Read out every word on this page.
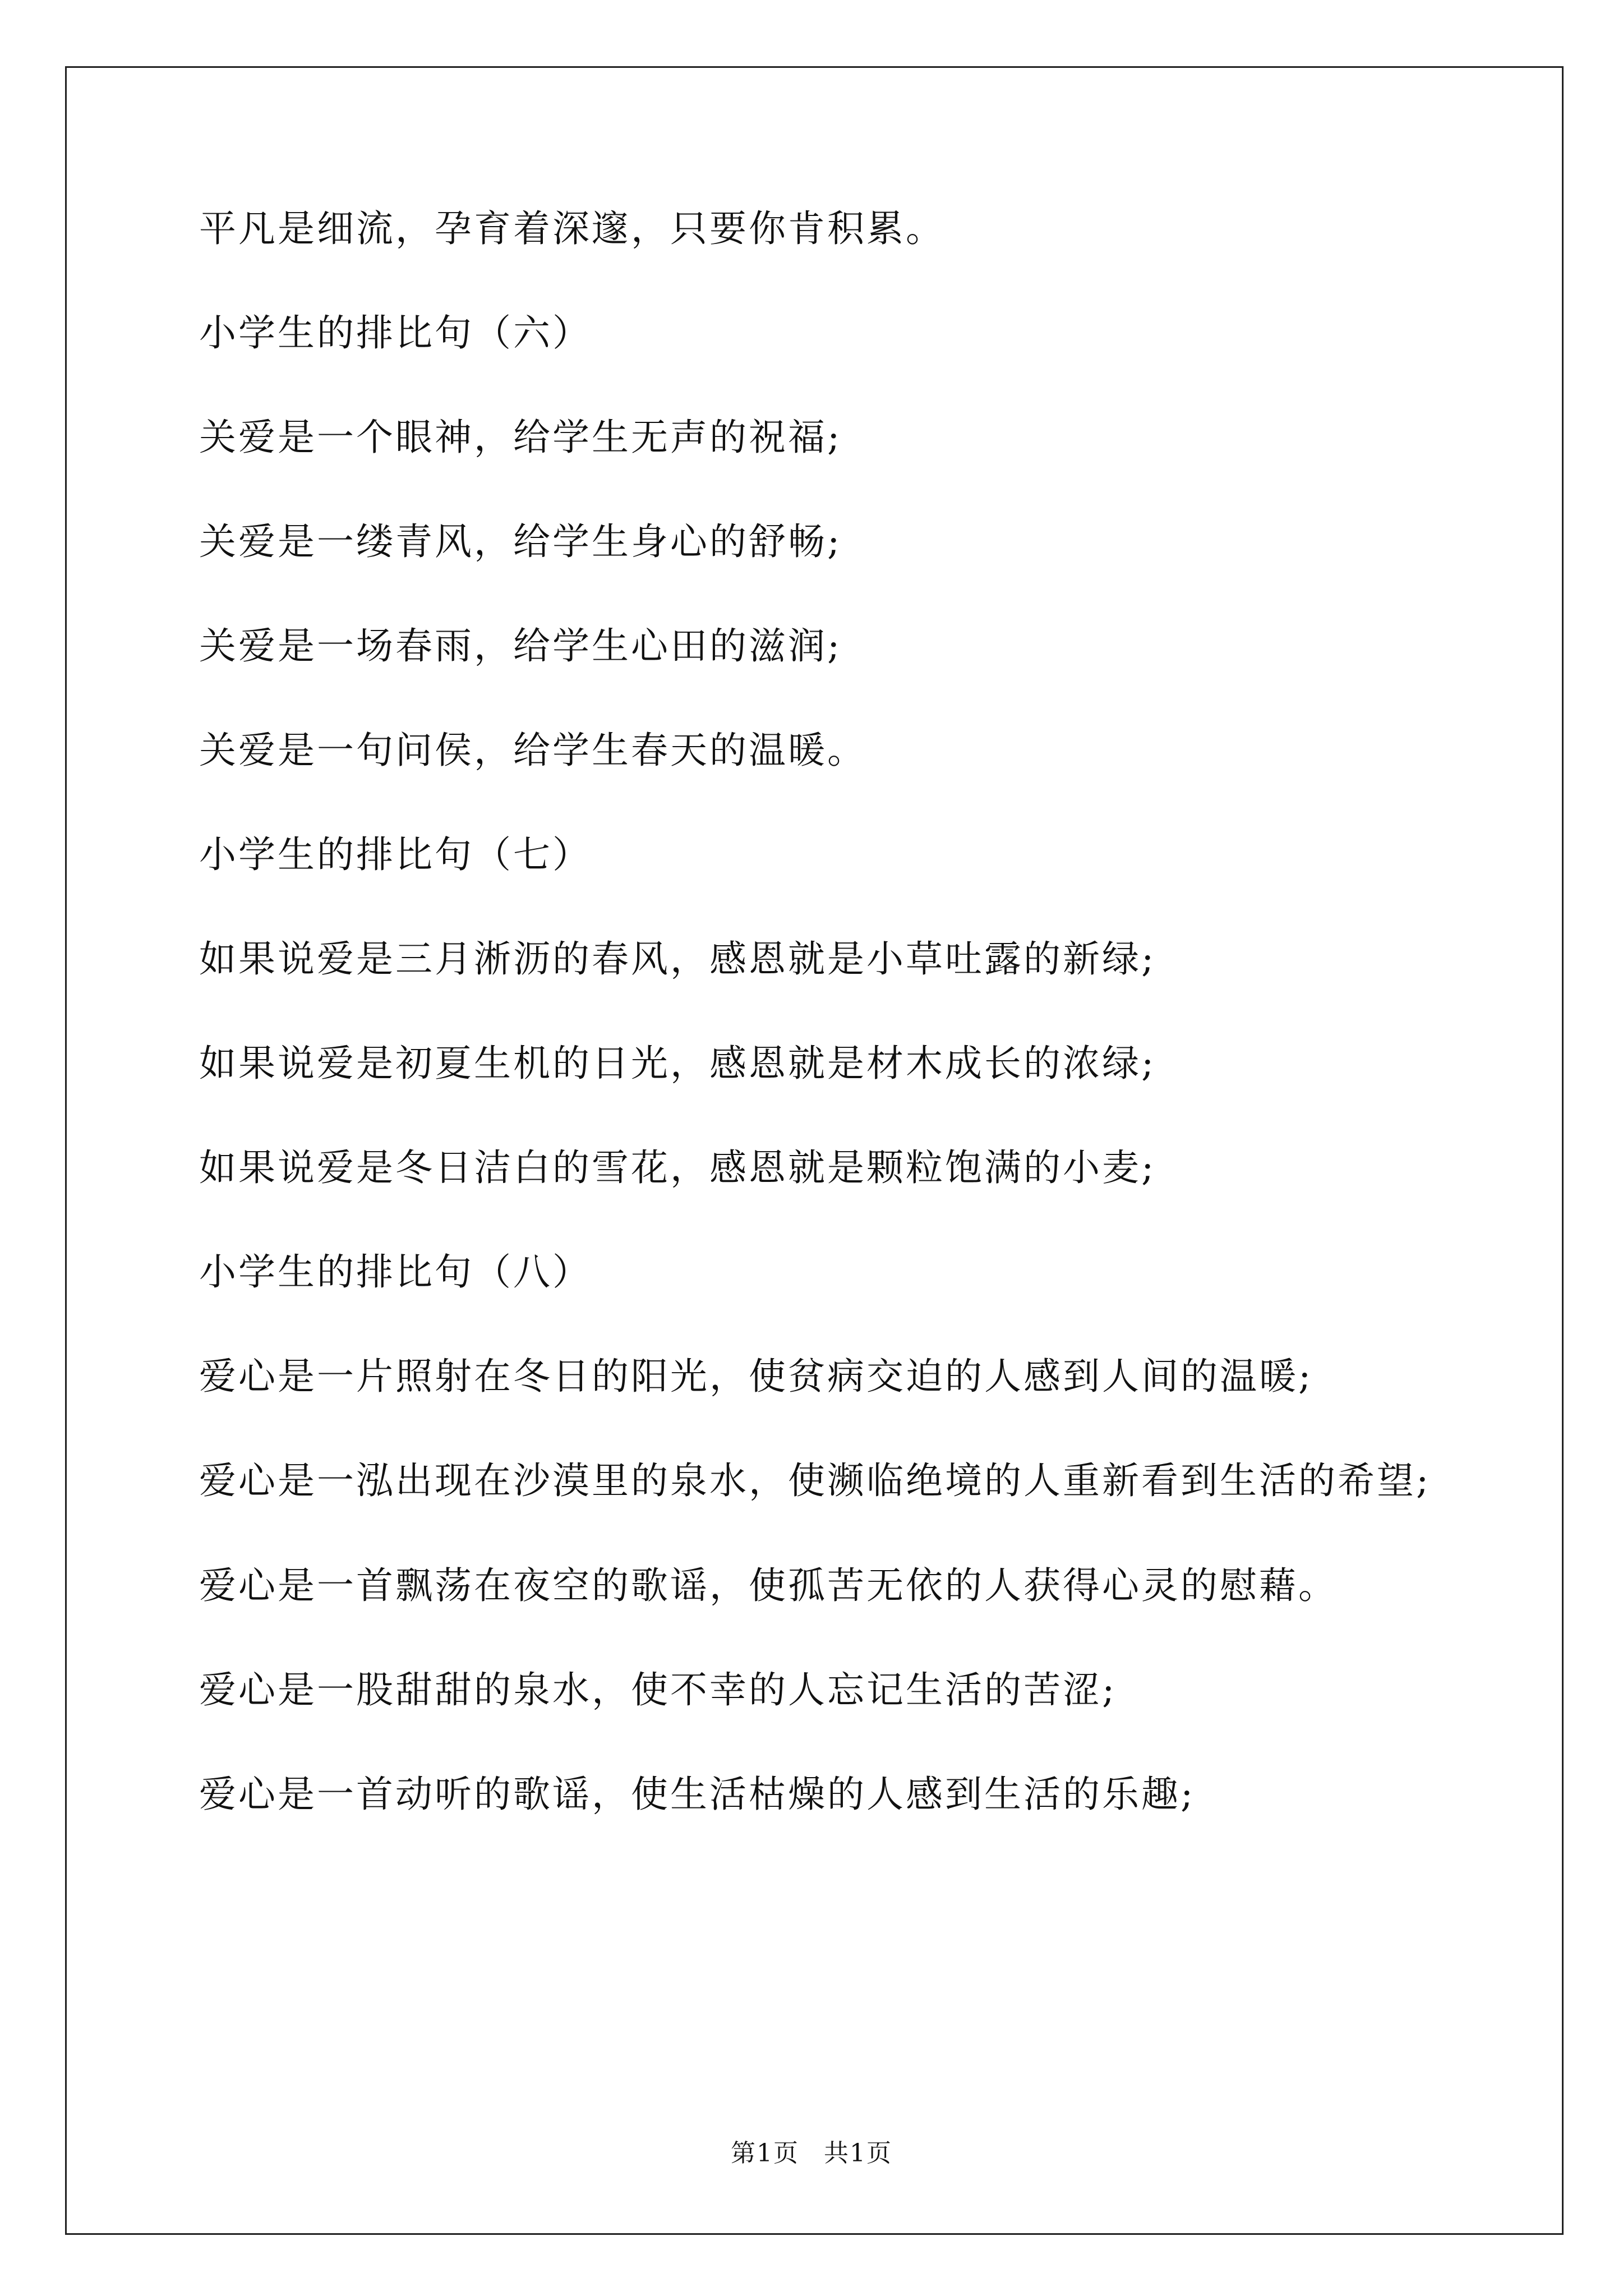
平凡是细流，孕育着深邃，只要你肯积累。

小学生的排比句（六）

关爱是一个眼神，给学生无声的祝福;

关爱是一缕青风，给学生身心的舒畅;

关爱是一场春雨，给学生心田的滋润;

关爱是一句问侯，给学生春天的温暖。

小学生的排比句（七）

如果说爱是三月淅沥的春风，感恩就是小草吐露的新绿;

如果说爱是初夏生机的日光，感恩就是材木成长的浓绿;

如果说爱是冬日洁白的雪花，感恩就是颗粒饱满的小麦;

小学生的排比句（八）

爱心是一片照射在冬日的阳光，使贫病交迫的人感到人间的温暖;

爱心是一泓出现在沙漠里的泉水，使濒临绝境的人重新看到生活的希望;

爱心是一首飘荡在夜空的歌谣，使孤苦无依的人获得心灵的慰藉。

爱心是一股甜甜的泉水，使不幸的人忘记生活的苦涩;

爱心是一首动听的歌谣，使生活枯燥的人感到生活的乐趣;

第1页 共1页
